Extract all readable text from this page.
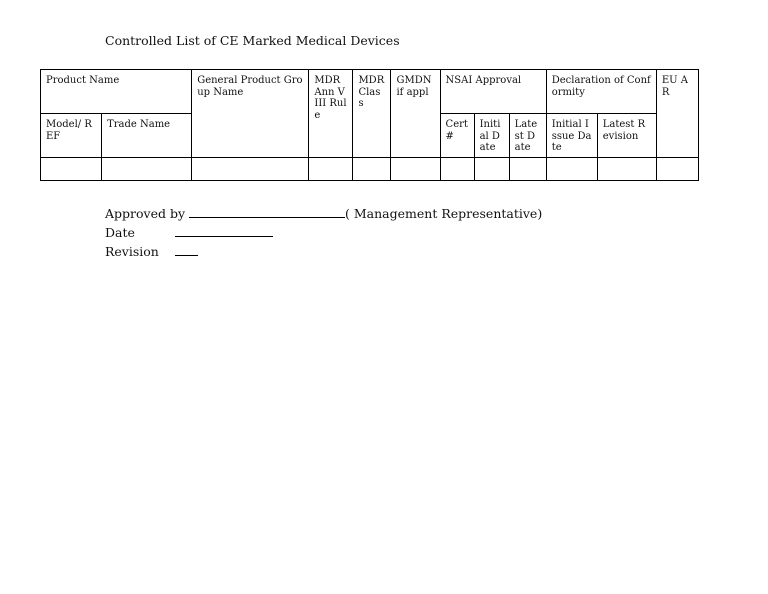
Controlled List of CE Marked Medical Devices
Product Name		General Product Group Name	MDR Ann VIII Rule	MDR Class	GMDN if appl	NSAI Approval			Declaration of Conformity		EU AR
Model/ REF	Trade Name					Cert #	Initi al Date	Late st Date	Initial Issue Date	Latest Revision	

Approved by	( Management Representative)
Date
Revision
